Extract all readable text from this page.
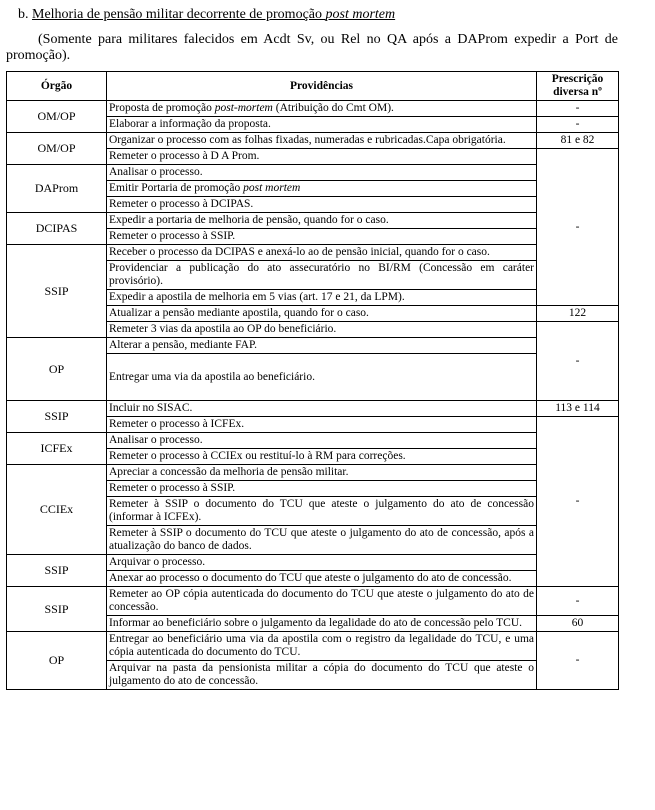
b. Melhoria de pensão militar decorrente de promoção post mortem
(Somente para militares falecidos em Acdt Sv, ou Rel no QA após a DAProm expedir a Port de promoção).
Órgão	Providências	Prescrição diversa nº
OM/OP	Proposta de promoção post-mortem (Atribuição do Cmt OM).	-
	Elaborar a informação da proposta.	-
OM/OP	Organizar o processo com as folhas fixadas, numeradas e rubricadas.Capa obrigatória.	81 e 82
	Remeter o processo à D A Prom.	-
DAProm	Analisar o processo.	
	Emitir Portaria de promoção post mortem	
	Remeter o processo à DCIPAS.	
DCIPAS	Expedir a portaria de melhoria de pensão, quando for o caso.	
	Remeter o processo à SSIP.	
SSIP	Receber o processo da DCIPAS e anexá-lo ao de pensão inicial, quando for o caso.	
	Providenciar a publicação do ato assecuratório no BI/RM (Concessão em caráter provisório).	
	Expedir a apostila de melhoria em 5 vias (art. 17 e 21, da LPM).	
	Atualizar a pensão mediante apostila, quando for o caso.	122
	Remeter 3 vias da apostila ao OP do beneficiário.	-
OP	Alterar a pensão, mediante FAP.	
	Entregar uma via da apostila ao beneficiário.	
SSIP	Incluir no SISAC.	113 e 114
	Remeter o processo à ICFEx.	-
ICFEx	Analisar o processo.	
	Remeter o processo à CCIEx ou restituí-lo à RM para correções.	
CCIEx	Apreciar a concessão da melhoria de pensão militar.	
	Remeter o processo à SSIP.	
	Remeter à SSIP o documento do TCU que ateste o julgamento do ato de concessão (informar à ICFEx).	
	Remeter à SSIP o documento do TCU que ateste o julgamento do ato de concessão, após a atualização do banco de dados.	
SSIP	Arquivar o processo.	
	Anexar ao processo o documento do TCU que ateste o julgamento do ato de concessão.	
SSIP	Remeter ao OP cópia autenticada do documento do TCU que ateste o julgamento do ato de concessão.	-
	Informar ao beneficiário sobre o julgamento da legalidade do ato de concessão pelo TCU.	60
OP	Entregar ao beneficiário uma via da apostila com o registro da legalidade do TCU, e uma cópia autenticada do documento do TCU.	-
	Arquivar na pasta da pensionista militar a cópia do documento do TCU que ateste o julgamento do ato de concessão.	
